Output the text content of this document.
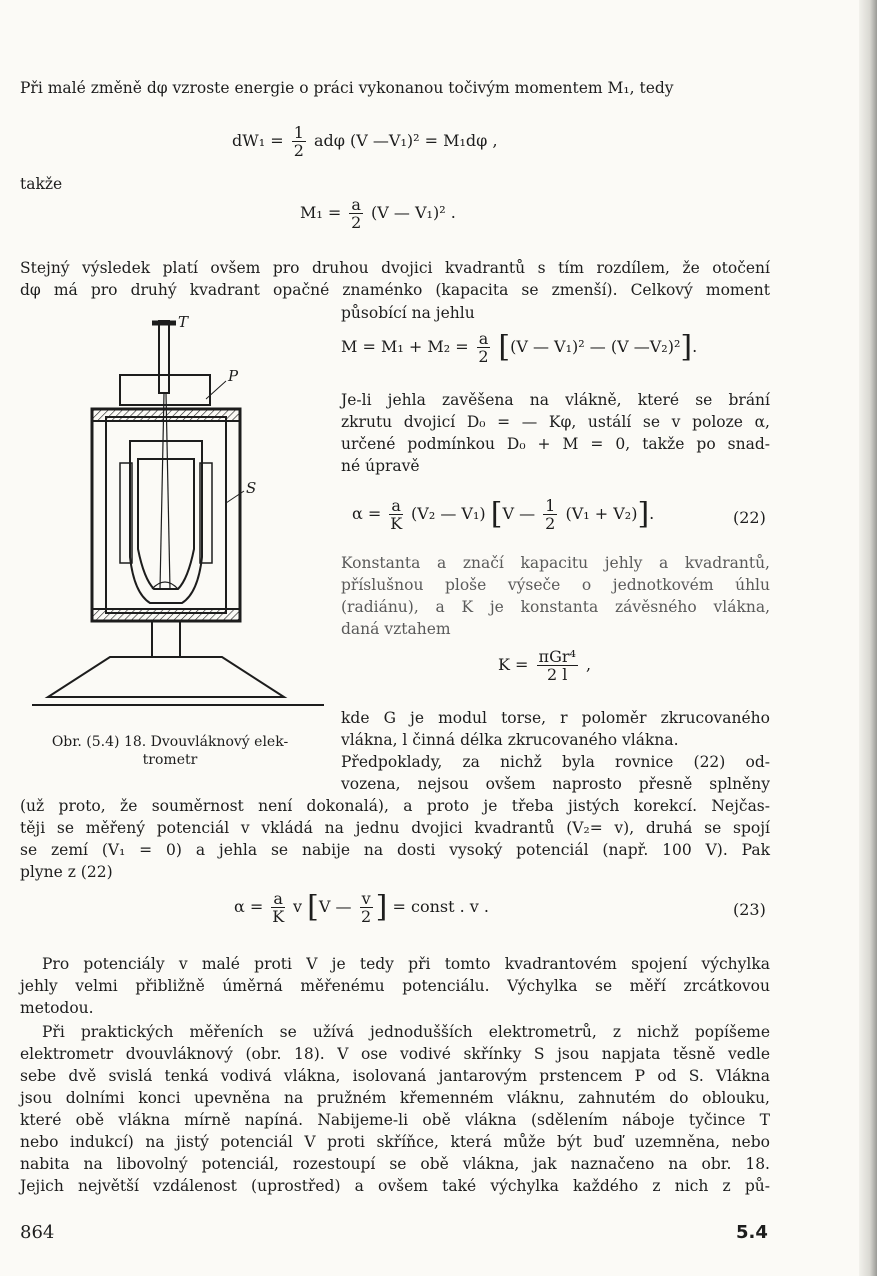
Při malé změně dφ vzroste energie o práci vykonanou točivým momentem M₁, tedy
$dW_1 = \frac{1}{2}$ adφ (V —V₁)² = M₁dφ ,
takže
$M_1 = \frac{a}{2} (V$ — V₁)² .
Stejný výsledek platí ovšem pro druhou dvojici kvadrantů s tím rozdílem, že otočení
dφ má pro druhý kvadrant opačné znaménko (kapacita se zmenší). Celkový moment
působící na jehlu
$M = M_1 + M_2 = \frac{a}{2} [(V$ — V₁)² — (V —V₂)²].
Je-li jehla zavěšena na vlákně, které se brání
zkrutu dvojicí D₀ = — Kφ, ustálí se v poloze α,
určené podmínkou D₀ + M = 0, takže po snad-
né úpravě
$\alpha = \frac{a}{K} (V_2$ — V₁) [V — $\frac{1}{2} (V_1 + V_2)$].	(22)
Konstanta a značí kapacitu jehly a kvadrantů,
příslušnou ploše výseče o jednotkovém úhlu
(radiánu), a K je konstanta závěsného vlákna,
daná vztahem
$K = \frac{\text{πGr⁴}}{2 l}$ ,
kde G je modul torse, r poloměr zkrucovaného
vlákna, l činná délka zkrucovaného vlákna.
T
P
S
Obr. (5.4) 18. Dvouvláknový elek-
trometr	Předpoklady, za nichž byla rovnice (22) od-
vozena, nejsou ovšem naprosto přesně splněny
(už proto, že souměrnost není dokonalá), a proto je třeba jistých korekcí. Nejčas-
těji se měřený potenciál v vkládá na jednu dvojici kvadrantů (V₂= v), druhá se spojí
se zemí (V₁ = 0) a jehla se nabije na dosti vysoký potenciál (např. 100 V). Pak
plyne z (22)
$\alpha = \frac{a}{K}$ v [V — $\frac{v}{2}$ ] = const . v .	(23)
Pro potenciály v malé proti V je tedy při tomto kvadrantovém spojení výchylka
jehly velmi přibližně úměrná měřenému potenciálu. Výchylka se měří zrcátkovou
metodou.
Při praktických měřeních se užívá jednodušších elektrometrů, z nichž popíšeme
elektrometr dvouvláknový (obr. 18). V ose vodivé skřínky S jsou napjata těsně vedle
sebe dvě svislá tenká vodivá vlákna, isolovaná jantarovým prstencem P od S. Vlákna
jsou dolními konci upevněna na pružném křemenném vláknu, zahnutém do oblouku,
které obě vlákna mírně napíná. Nabijeme-li obě vlákna (sdělením náboje tyčince T
nebo indukcí) na jistý potenciál V proti skříňce, která může být buď uzemněna, nebo
nabita na libovolný potenciál, rozestoupí se obě vlákna, jak naznačeno na obr. 18.
Jejich největší vzdálenost (uprostřed) a ovšem také výchylka každého z nich z pů-
864	5.4
